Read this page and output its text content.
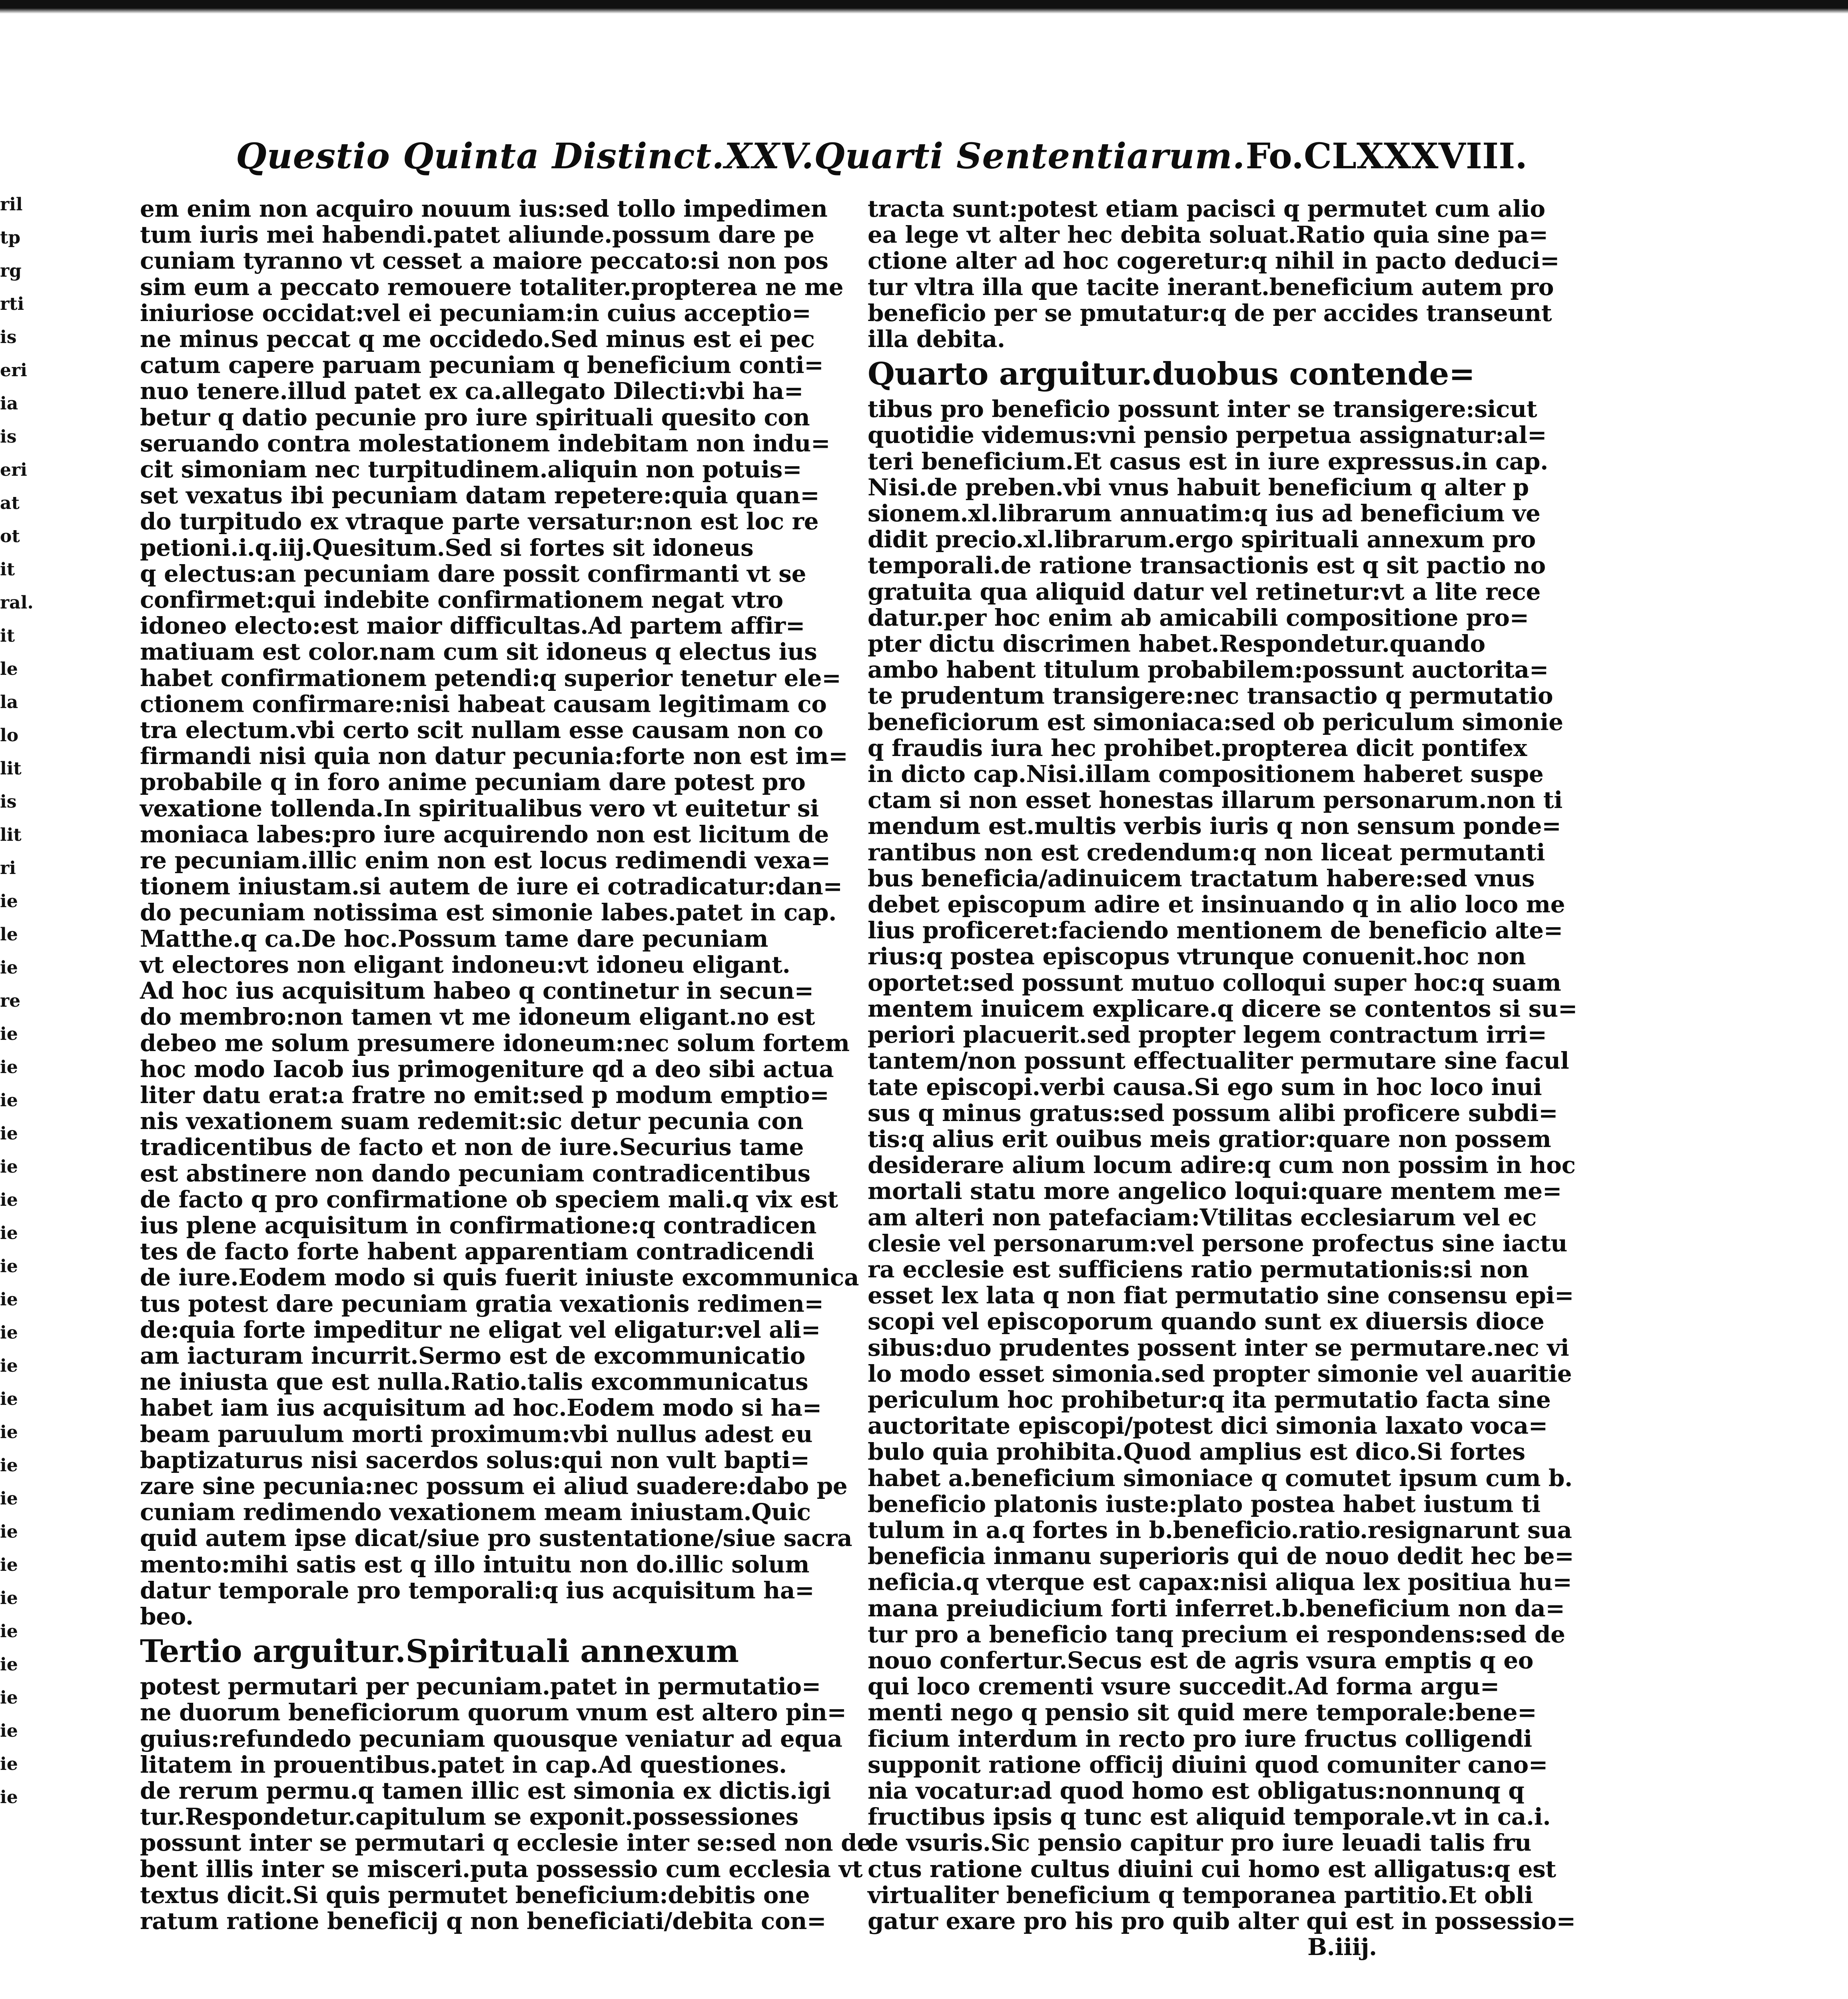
ril
tp
rg
rti
is
eri
ia
is
eri
at
ot
it
ral.
it
le
la
lo
lit
is
lit
ri
ie
le
ie
re
ie
ie
ie
ie
ie
ie
ie
ie
ie
ie
ie
ie
ie
ie
ie
ie
ie
ie
ie
ie
ie
ie
ie
ie
Questio Quinta Distinct.XXV.Quarti Sententiarum. Fo.CLXXXVIII.
em enim non acquiro nouum ius:sed tollo impedimen
tum iuris mei habendi.patet aliunde.possum dare pe
cuniam tyranno vt cesset a maiore peccato:si non pos
sim eum a peccato remouere totaliter.propterea ne me
iniuriose occidat:vel ei pecuniam:in cuius acceptio=
ne minus peccat q me occidedo.Sed minus est ei pec
catum capere paruam pecuniam q beneficium conti=
nuo tenere.illud patet ex ca.allegato Dilecti:vbi ha=
betur q datio pecunie pro iure spirituali quesito con
seruando contra molestationem indebitam non indu=
cit simoniam nec turpitudinem.aliquin non potuis=
set vexatus ibi pecuniam datam repetere:quia quan=
do turpitudo ex vtraque parte versatur:non est loc re
petioni.i.q.iij.Quesitum.Sed si fortes sit idoneus
q electus:an pecuniam dare possit confirmanti vt se
confirmet:qui indebite confirmationem negat vtro
idoneo electo:est maior difficultas.Ad partem affir=
matiuam est color.nam cum sit idoneus q electus ius
habet confirmationem petendi:q superior tenetur ele=
ctionem confirmare:nisi habeat causam legitimam co
tra electum.vbi certo scit nullam esse causam non co
firmandi nisi quia non datur pecunia:forte non est im=
probabile q in foro anime pecuniam dare potest pro
vexatione tollenda.In spiritualibus vero vt euitetur si
moniaca labes:pro iure acquirendo non est licitum de
re pecuniam.illic enim non est locus redimendi vexa=
tionem iniustam.si autem de iure ei cotradicatur:dan=
do pecuniam notissima est simonie labes.patet in cap.
Matthe.q ca.De hoc.Possum tame dare pecuniam
vt electores non eligant indoneu:vt idoneu eligant.
Ad hoc ius acquisitum habeo q continetur in secun=
do membro:non tamen vt me idoneum eligant.no est
debeo me solum presumere idoneum:nec solum fortem
hoc modo Iacob ius primogeniture qd a deo sibi actua
liter datu erat:a fratre no emit:sed p modum emptio=
nis vexationem suam redemit:sic detur pecunia con
tradicentibus de facto et non de iure.Securius tame
est abstinere non dando pecuniam contradicentibus
de facto q pro confirmatione ob speciem mali.q vix est
ius plene acquisitum in confirmatione:q contradicen
tes de facto forte habent apparentiam contradicendi
de iure.Eodem modo si quis fuerit iniuste excommunica
tus potest dare pecuniam gratia vexationis redimen=
de:quia forte impeditur ne eligat vel eligatur:vel ali=
am iacturam incurrit.Sermo est de excommunicatio
ne iniusta que est nulla.Ratio.talis excommunicatus
habet iam ius acquisitum ad hoc.Eodem modo si ha=
beam paruulum morti proximum:vbi nullus adest eu
baptizaturus nisi sacerdos solus:qui non vult bapti=
zare sine pecunia:nec possum ei aliud suadere:dabo pe
cuniam redimendo vexationem meam iniustam.Quic
quid autem ipse dicat/siue pro sustentatione/siue sacra
mento:mihi satis est q illo intuitu non do.illic solum
datur temporale pro temporali:q ius acquisitum ha=
beo.
Tertio arguitur.Spirituali annexum
potest permutari per pecuniam.patet in permutatio=
ne duorum beneficiorum quorum vnum est altero pin=
guius:refundedo pecuniam quousque veniatur ad equa
litatem in prouentibus.patet in cap.Ad questiones.
de rerum permu.q tamen illic est simonia ex dictis.igi
tur.Respondetur.capitulum se exponit.possessiones
possunt inter se permutari q ecclesie inter se:sed non de
bent illis inter se misceri.puta possessio cum ecclesia vt
textus dicit.Si quis permutet beneficium:debitis one
ratum ratione beneficij q non beneficiati/debita con=
tracta sunt:potest etiam pacisci q permutet cum alio
ea lege vt alter hec debita soluat.Ratio quia sine pa=
ctione alter ad hoc cogeretur:q nihil in pacto deduci=
tur vltra illa que tacite inerant.beneficium autem pro
beneficio per se pmutatur:q de per accides transeunt
illa debita.
Quarto arguitur.duobus contende=
tibus pro beneficio possunt inter se transigere:sicut
quotidie videmus:vni pensio perpetua assignatur:al=
teri beneficium.Et casus est in iure expressus.in cap.
Nisi.de preben.vbi vnus habuit beneficium q alter p
sionem.xl.librarum annuatim:q ius ad beneficium ve
didit precio.xl.librarum.ergo spirituali annexum pro
temporali.de ratione transactionis est q sit pactio no
gratuita qua aliquid datur vel retinetur:vt a lite rece
datur.per hoc enim ab amicabili compositione pro=
pter dictu discrimen habet.Respondetur.quando
ambo habent titulum probabilem:possunt auctorita=
te prudentum transigere:nec transactio q permutatio
beneficiorum est simoniaca:sed ob periculum simonie
q fraudis iura hec prohibet.propterea dicit pontifex
in dicto cap.Nisi.illam compositionem haberet suspe
ctam si non esset honestas illarum personarum.non ti
mendum est.multis verbis iuris q non sensum ponde=
rantibus non est credendum:q non liceat permutanti
bus beneficia/adinuicem tractatum habere:sed vnus
debet episcopum adire et insinuando q in alio loco me
lius proficeret:faciendo mentionem de beneficio alte=
rius:q postea episcopus vtrunque conuenit.hoc non
oportet:sed possunt mutuo colloqui super hoc:q suam
mentem inuicem explicare.q dicere se contentos si su=
periori placuerit.sed propter legem contractum irri=
tantem/non possunt effectualiter permutare sine facul
tate episcopi.verbi causa.Si ego sum in hoc loco inui
sus q minus gratus:sed possum alibi proficere subdi=
tis:q alius erit ouibus meis gratior:quare non possem
desiderare alium locum adire:q cum non possim in hoc
mortali statu more angelico loqui:quare mentem me=
am alteri non patefaciam:Vtilitas ecclesiarum vel ec
clesie vel personarum:vel persone profectus sine iactu
ra ecclesie est sufficiens ratio permutationis:si non
esset lex lata q non fiat permutatio sine consensu epi=
scopi vel episcoporum quando sunt ex diuersis dioce
sibus:duo prudentes possent inter se permutare.nec vi
lo modo esset simonia.sed propter simonie vel auaritie
periculum hoc prohibetur:q ita permutatio facta sine
auctoritate episcopi/potest dici simonia laxato voca=
bulo quia prohibita.Quod amplius est dico.Si fortes
habet a.beneficium simoniace q comutet ipsum cum b.
beneficio platonis iuste:plato postea habet iustum ti
tulum in a.q fortes in b.beneficio.ratio.resignarunt sua
beneficia inmanu superioris qui de nouo dedit hec be=
neficia.q vterque est capax:nisi aliqua lex positiua hu=
mana preiudicium forti inferret.b.beneficium non da=
tur pro a beneficio tanq precium ei respondens:sed de
nouo confertur.Secus est de agris vsura emptis q eo
qui loco crementi vsure succedit.Ad forma argu=
menti nego q pensio sit quid mere temporale:bene=
ficium interdum in recto pro iure fructus colligendi
supponit ratione officij diuini quod comuniter cano=
nia vocatur:ad quod homo est obligatus:nonnunq q
fructibus ipsis q tunc est aliquid temporale.vt in ca.i.
de vsuris.Sic pensio capitur pro iure leuadi talis fru
ctus ratione cultus diuini cui homo est alligatus:q est
virtualiter beneficium q temporanea partitio.Et obli
gatur exare pro his pro quib alter qui est in possessio=
B.iiij.
